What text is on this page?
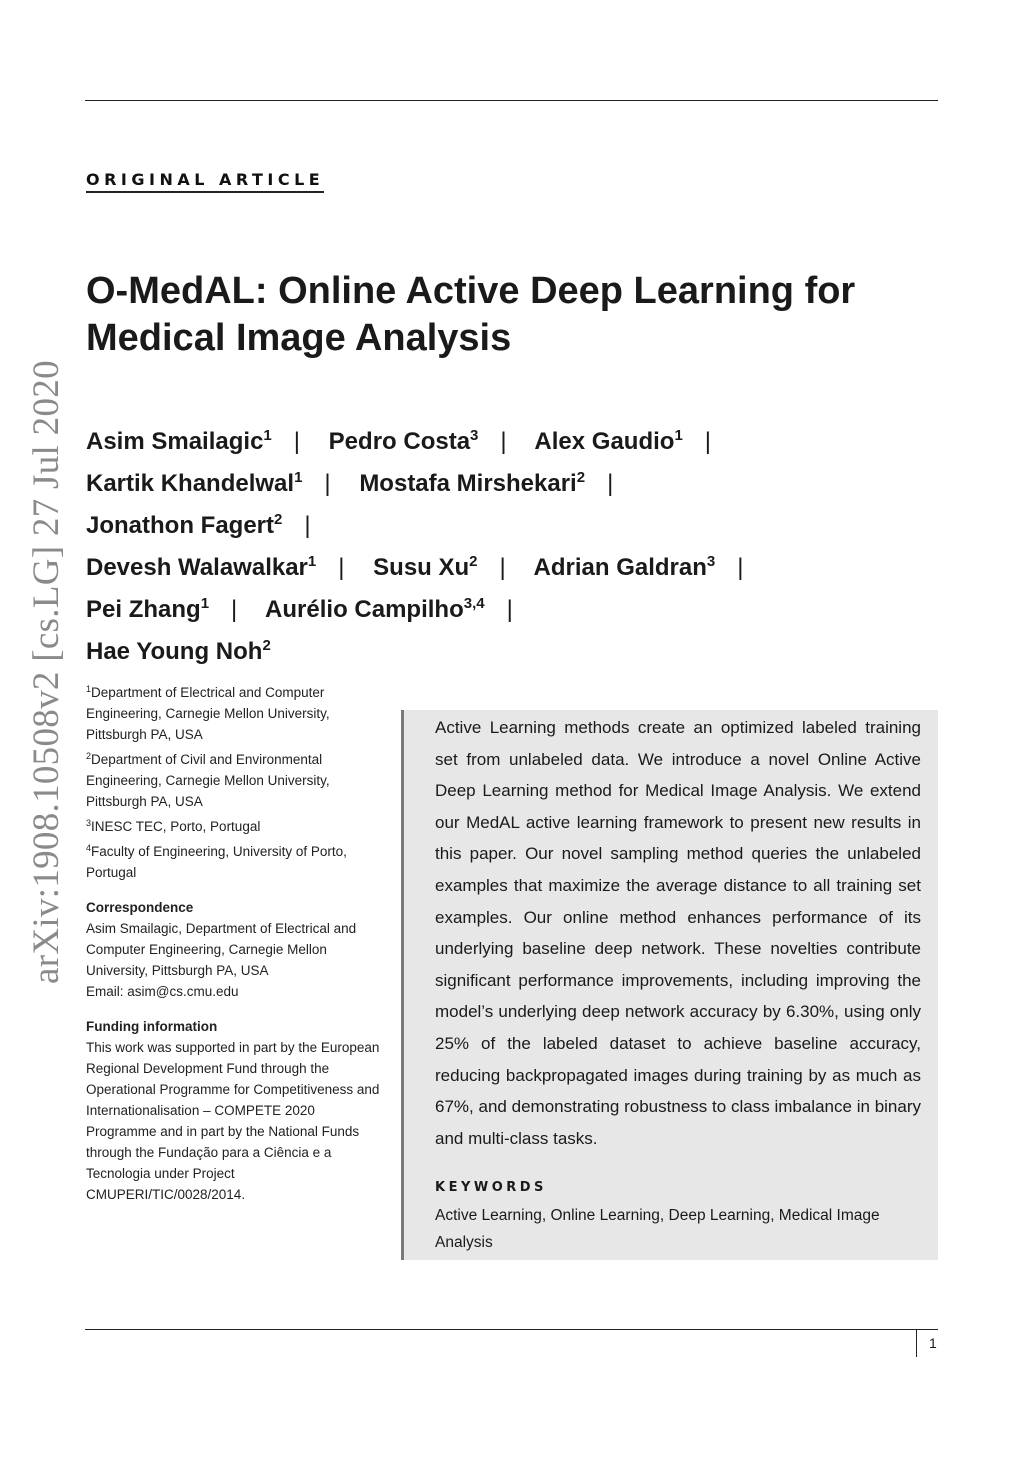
arXiv:1908.10508v2 [cs.LG] 27 Jul 2020
ORIGINAL ARTICLE
O-MedAL: Online Active Deep Learning for Medical Image Analysis
Asim Smailagic$^1$ | Pedro Costa$^3$ | Alex Gaudio$^1$ |
Kartik Khandelwal$^1$ | Mostafa Mirshekari$^2$ | Jonathon Fagert$^2$ |
Devesh Walawalkar$^1$ | Susu Xu$^2$ | Adrian Galdran$^3$ |
Pei Zhang$^1$ | Aurélio Campilho$^{3,4}$ |
Hae Young Noh$^2$
$^1$Department of Electrical and Computer Engineering, Carnegie Mellon University, Pittsburgh PA, USA
$^2$Department of Civil and Environmental Engineering, Carnegie Mellon University, Pittsburgh PA, USA
$^3$INESC TEC, Porto, Portugal
$^4$Faculty of Engineering, University of Porto, Portugal
Correspondence
Asim Smailagic, Department of Electrical and Computer Engineering, Carnegie Mellon University, Pittsburgh PA, USA
Email: asim@cs.cmu.edu
Funding information
This work was supported in part by the European Regional Development Fund through the Operational Programme for Competitiveness and Internationalisation – COMPETE 2020 Programme and in part by the National Funds through the Fundação para a Ciência e a Tecnologia under Project CMUPERI/TIC/0028/2014.

Active Learning methods create an optimized labeled training set from unlabeled data. We introduce a novel Online Active Deep Learning method for Medical Image Analysis. We extend our MedAL active learning framework to present new results in this paper. Our novel sampling method queries the unlabeled examples that maximize the average distance to all training set examples. Our online method enhances performance of its underlying baseline deep network. These novelties contribute significant performance improvements, including improving the model’s underlying deep network accuracy by 6.30%, using only 25% of the labeled dataset to achieve baseline accuracy, reducing backpropagated images during training by as much as 67%, and demonstrating robustness to class imbalance in binary and multi-class tasks.

KEYWORDS
Active Learning, Online Learning, Deep Learning, Medical Image Analysis
1
